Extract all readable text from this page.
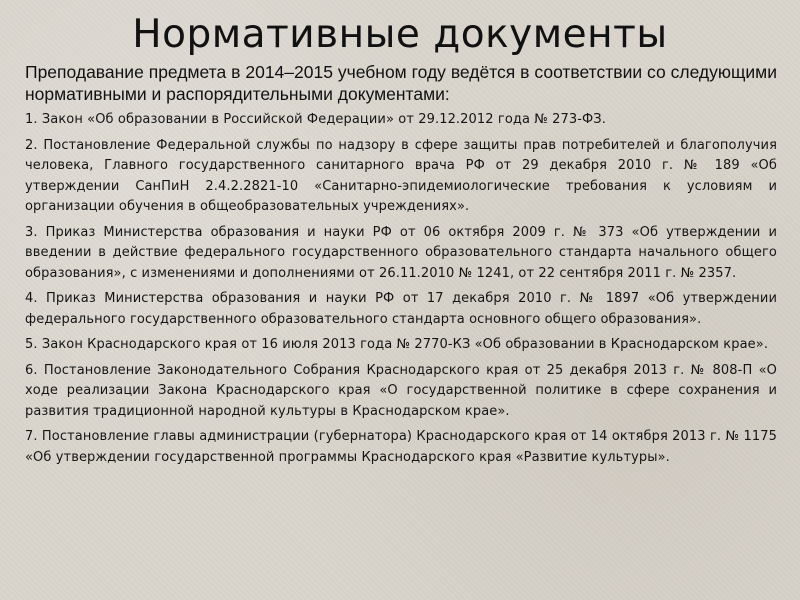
Нормативные документы

Преподавание предмета в 2014–2015 учебном году ведётся в соответствии со следующими нормативными и распорядительными документами:

1. Закон «Об образовании в Российской Федерации» от 29.12.2012 года № 273-ФЗ.

2. Постановление Федеральной службы по надзору в сфере защиты прав потребителей и благополучия человека, Главного государственного санитарного врача РФ от 29 декабря 2010 г. № 189 «Об утверждении СанПиН 2.4.2.2821-10 «Санитарно-эпидемиологические требования к условиям и организации обучения в общеобразовательных учреждениях».

3. Приказ Министерства образования и науки РФ от 06 октября 2009 г. № 373 «Об утверждении и введении в действие федерального государственного образовательного стандарта начального общего образования», с изменениями и дополнениями от 26.11.2010 № 1241, от 22 сентября 2011 г. № 2357.

4. Приказ Министерства образования и науки РФ от 17 декабря 2010 г. № 1897 «Об утверждении федерального государственного образовательного стандарта основного общего образования».

5. Закон Краснодарского края от 16 июля 2013 года № 2770-КЗ «Об образовании в Краснодарском крае».

6. Постановление Законодательного Собрания Краснодарского края от 25 декабря 2013 г. № 808-П «О ходе реализации Закона Краснодарского края «О государственной политике в сфере сохранения и развития традиционной народной культуры в Краснодарском крае».

7. Постановление главы администрации (губернатора) Краснодарского края от 14 октября 2013 г. № 1175 «Об утверждении государственной программы Краснодарского края «Развитие культуры».
